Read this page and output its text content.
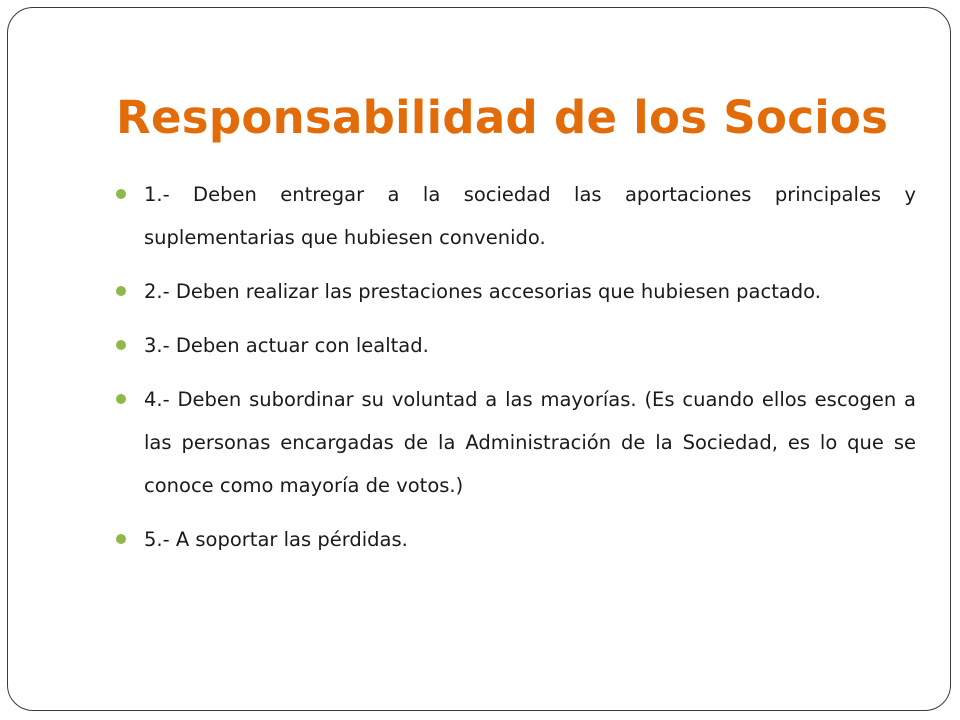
Responsabilidad de los Socios
1.- Deben entregar a la sociedad las aportaciones principales y suplementarias que hubiesen convenido.
2.- Deben realizar las prestaciones accesorias que hubiesen pactado.
3.- Deben actuar con lealtad.
4.- Deben subordinar su voluntad a las mayorías. (Es cuando ellos escogen a las personas encargadas de la Administración de la Sociedad, es lo que se conoce como mayoría de votos.)
5.- A soportar las pérdidas.
